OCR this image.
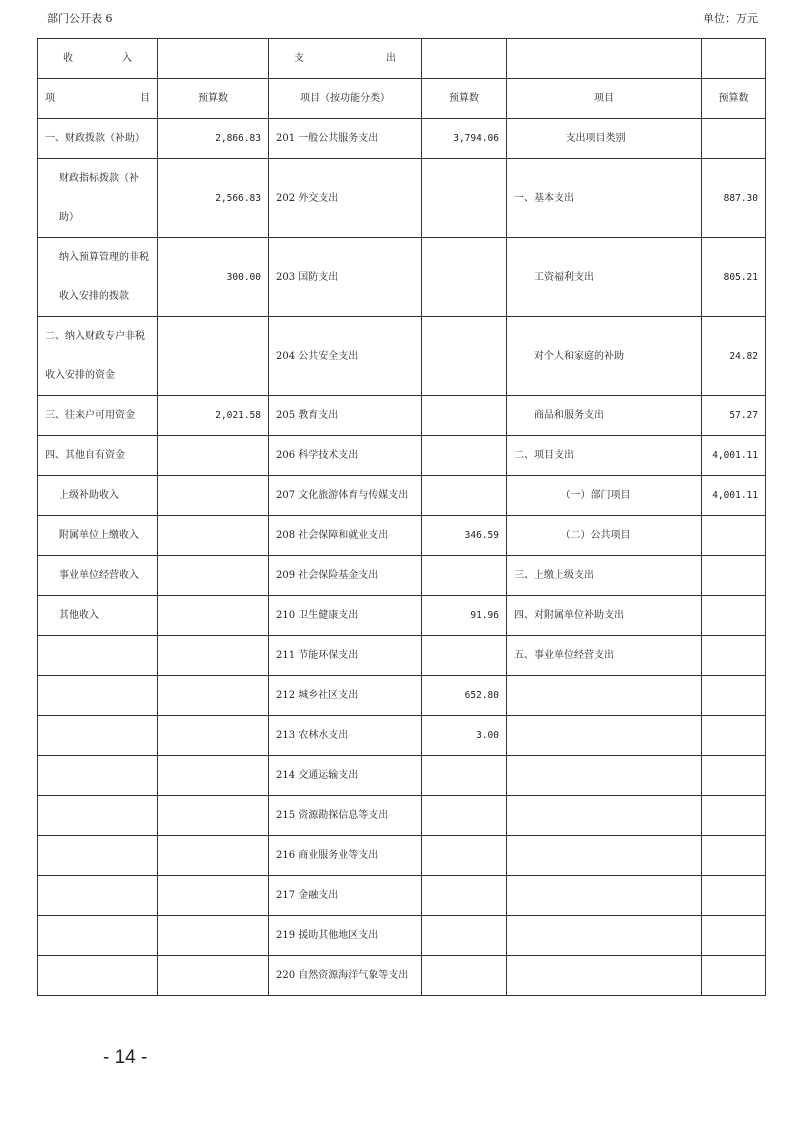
部门公开表 6	单位：万元
收 入		支 出			

项 目	预算数	项目（按功能分类）	预算数	项目	预算数
一、财政拨款（补助）	2,866.83	201 一般公共服务支出	3,794.06	支出项目类别	
财政指标拨款（补助）	2,566.83	202 外交支出		一、基本支出	887.30
纳入预算管理的非税收入安排的拨款	300.00	203 国防支出		工资福利支出	805.21
二、纳入财政专户非税收入安排的资金		204 公共安全支出		对个人和家庭的补助	24.82
三、往来户可用资金	2,021.58	205 教育支出		商品和服务支出	57.27
四、其他自有资金		206 科学技术支出		二、项目支出	4,001.11
上级补助收入		207 文化旅游体育与传媒支出		（一）部门项目	4,001.11
附属单位上缴收入		208 社会保障和就业支出	346.59	（二）公共项目	
事业单位经营收入		209 社会保险基金支出		三、上缴上级支出	
其他收入		210 卫生健康支出	91.96	四、对附属单位补助支出	
		211 节能环保支出		五、事业单位经营支出	
		212 城乡社区支出	652.80		
		213 农林水支出	3.00		
		214 交通运输支出			
		215 资源勘探信息等支出			
		216 商业服务业等支出			
		217 金融支出			
		219 援助其他地区支出			
		220 自然资源海洋气象等支出			
- 14 -
